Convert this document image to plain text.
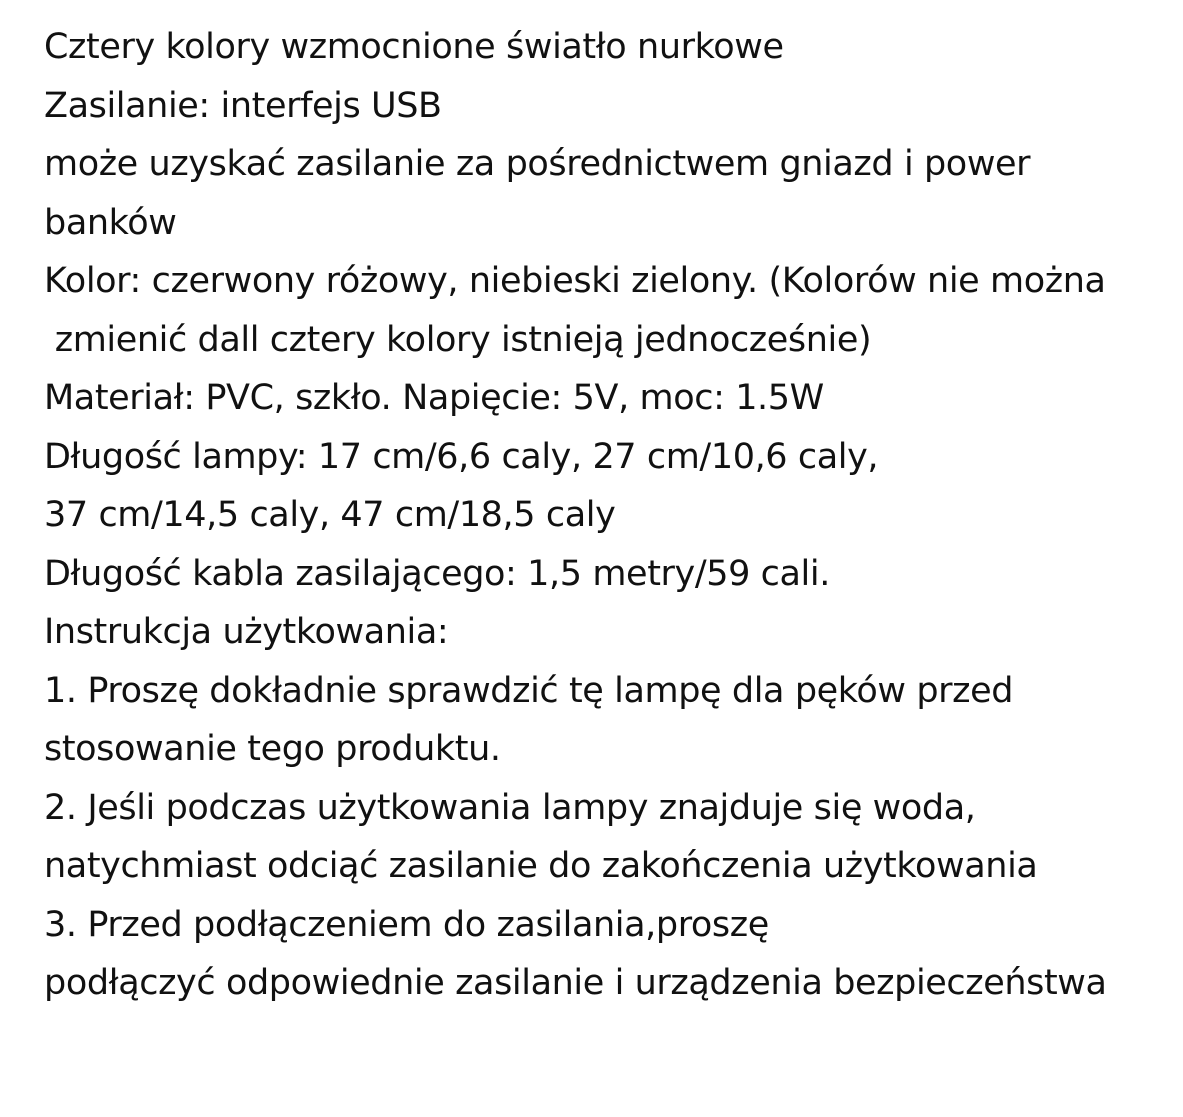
Cztery kolory wzmocnione światło nurkowe
Zasilanie: interfejs USB
może uzyskać zasilanie za pośrednictwem gniazd i power
banków
Kolor: czerwony różowy, niebieski zielony. (Kolorów nie można
zmienić dall cztery kolory istnieją jednocześnie)
Materiał: PVC, szkło. Napięcie: 5V, moc: 1.5W
Długość lampy: 17 cm/6,6 caly, 27 cm/10,6 caly,
37 cm/14,5 caly, 47 cm/18,5 caly
Długość kabla zasilającego: 1,5 metry/59 cali.
Instrukcja użytkowania:
1. Proszę dokładnie sprawdzić tę lampę dla pęków przed
stosowanie tego produktu.
2. Jeśli podczas użytkowania lampy znajduje się woda,
natychmiast odciąć zasilanie do zakończenia użytkowania
3. Przed podłączeniem do zasilania,proszę
podłączyć odpowiednie zasilanie i urządzenia bezpieczeństwa
